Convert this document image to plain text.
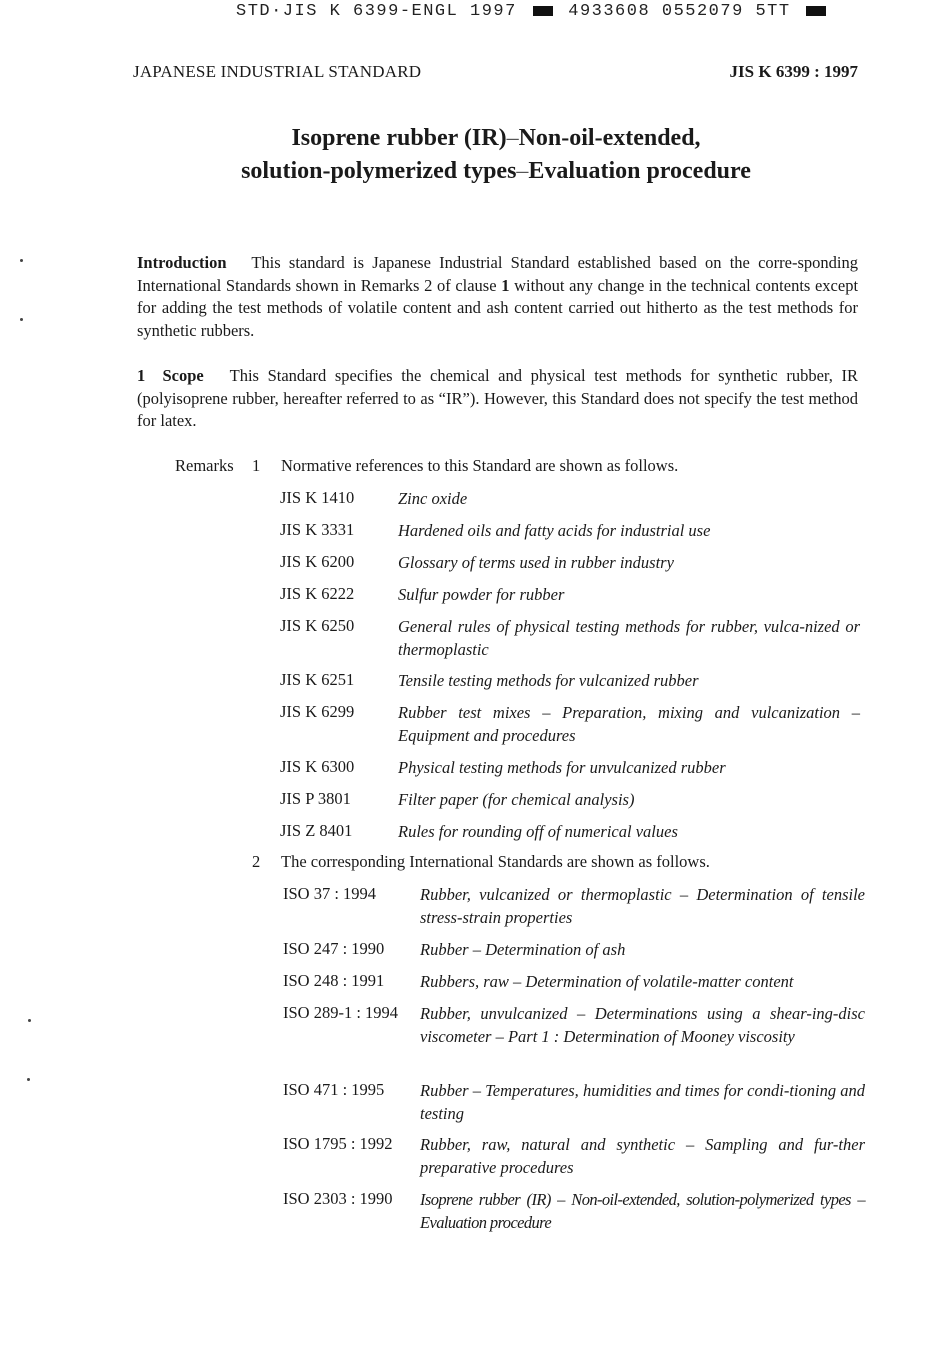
STD·JIS K 6399-ENGL 1997	4933608 0552079 5TT
JAPANESE INDUSTRIAL STANDARD	JIS K 6399 : 1997
Isoprene rubber (IR)–Non-oil-extended,
solution-polymerized types–Evaluation procedure
Introduction This standard is Japanese Industrial Standard established based on the corre-sponding International Standards shown in Remarks 2 of clause 1 without any change in the technical contents except for adding the test methods of volatile content and ash content carried out hitherto as the test methods for synthetic rubbers.
1 Scope This Standard specifies the chemical and physical test methods for synthetic rubber, IR (polyisoprene rubber, hereafter referred to as “IR”). However, this Standard does not specify the test method for latex.
Remarks 1 Normative references to this Standard are shown as follows.
JIS K 1410	Zinc oxide
JIS K 3331	Hardened oils and fatty acids for industrial use
JIS K 6200	Glossary of terms used in rubber industry
JIS K 6222	Sulfur powder for rubber
JIS K 6250	General rules of physical testing methods for rubber, vulca-nized or thermoplastic
JIS K 6251	Tensile testing methods for vulcanized rubber
JIS K 6299	Rubber test mixes – Preparation, mixing and vulcanization – Equipment and procedures
JIS K 6300	Physical testing methods for unvulcanized rubber
JIS P 3801	Filter paper (for chemical analysis)
JIS Z 8401	Rules for rounding off of numerical values
2 The corresponding International Standards are shown as follows.
ISO 37 : 1994	Rubber, vulcanized or thermoplastic – Determination of tensile stress-strain properties
ISO 247 : 1990 Rubber – Determination of ash
ISO 248 : 1991 Rubbers, raw – Determination of volatile-matter content
ISO 289-1 : 1994 Rubber, unvulcanized – Determinations using a shear-ing-disc viscometer – Part 1 : Determination of Mooney viscosity
ISO 471 : 1995 Rubber – Temperatures, humidities and times for condi-tioning and testing
ISO 1795 : 1992 Rubber, raw, natural and synthetic – Sampling and fur-ther preparative procedures
ISO 2303 : 1990 Isoprene rubber (IR) – Non-oil-extended, solution-polymerized types – Evaluation procedure
